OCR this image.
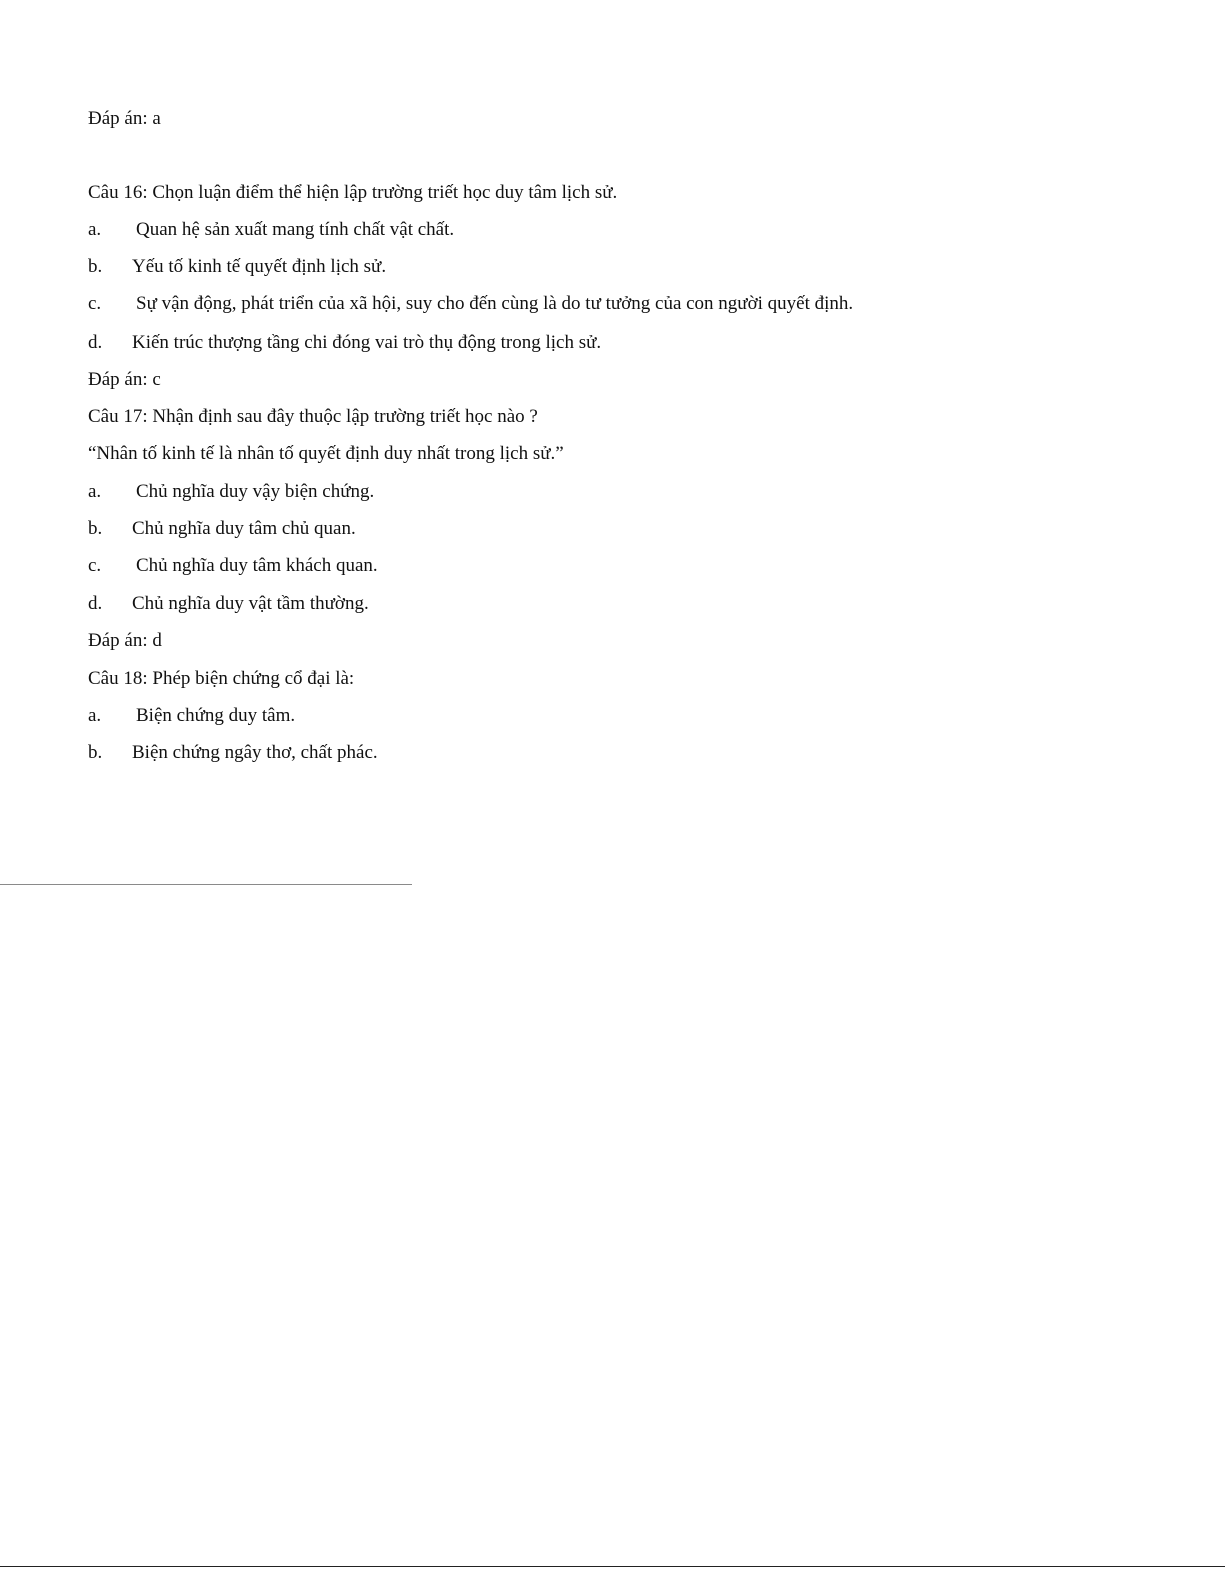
Đáp án: a
Câu 16: Chọn luận điểm thể hiện lập trường triết học duy tâm lịch sử.
a. Quan hệ sản xuất mang tính chất vật chất.
b. Yếu tố kinh tế quyết định lịch sử.
c. Sự vận động, phát triển của xã hội, suy cho đến cùng là do tư tưởng của con người quyết định.
d. Kiến trúc thượng tầng chi đóng vai trò thụ động trong lịch sử.
Đáp án: c
Câu 17: Nhận định sau đây thuộc lập trường triết học nào ?
“Nhân tố kinh tế là nhân tố quyết định duy nhất trong lịch sử.”
a. Chủ nghĩa duy vậy biện chứng.
b. Chủ nghĩa duy tâm chủ quan.
c. Chủ nghĩa duy tâm khách quan.
d. Chủ nghĩa duy vật tầm thường.
Đáp án: d
Câu 18: Phép biện chứng cổ đại là:
a. Biện chứng duy tâm.
b. Biện chứng ngây thơ, chất phác.
